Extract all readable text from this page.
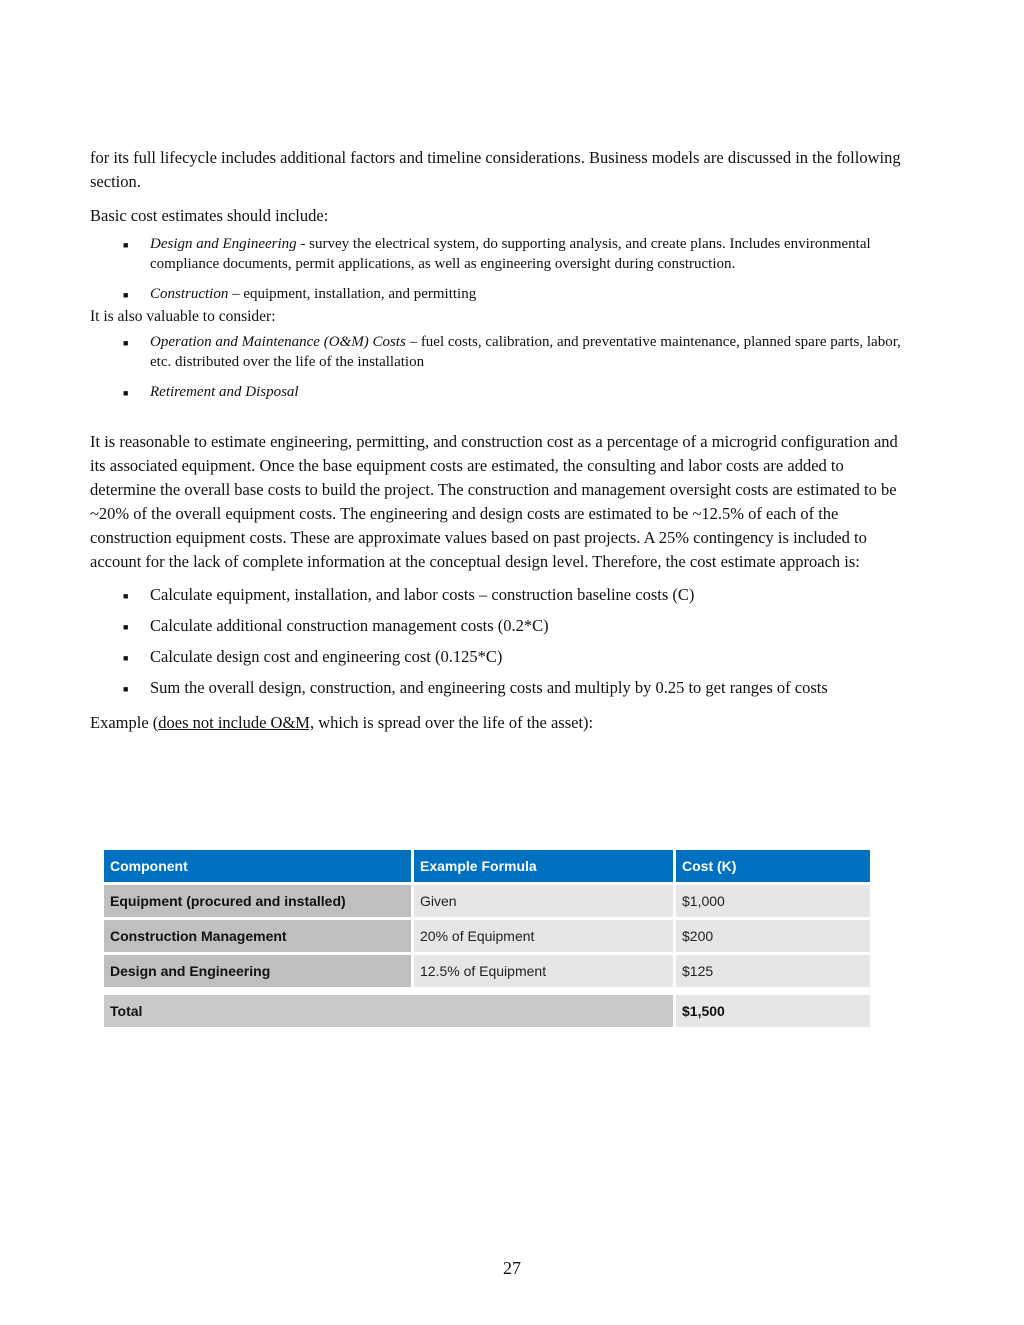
for its full lifecycle includes additional factors and timeline considerations. Business models are discussed in the following section.

Basic cost estimates should include:

■ Design and Engineering - survey the electrical system, do supporting analysis, and create plans. Includes environmental compliance documents, permit applications, as well as engineering oversight during construction.
■ Construction – equipment, installation, and permitting

It is also valuable to consider:

■ Operation and Maintenance (O&M) Costs – fuel costs, calibration, and preventative maintenance, planned spare parts, labor, etc. distributed over the life of the installation
■ Retirement and Disposal

It is reasonable to estimate engineering, permitting, and construction cost as a percentage of a microgrid configuration and its associated equipment. Once the base equipment costs are estimated, the consulting and labor costs are added to determine the overall base costs to build the project. The construction and management oversight costs are estimated to be ~20% of the overall equipment costs. The engineering and design costs are estimated to be ~12.5% of each of the construction equipment costs. These are approximate values based on past projects. A 25% contingency is included to account for the lack of complete information at the conceptual design level. Therefore, the cost estimate approach is:

■ Calculate equipment, installation, and labor costs – construction baseline costs (C)
■ Calculate additional construction management costs (0.2*C)
■ Calculate design cost and engineering cost (0.125*C)
■ Sum the overall design, construction, and engineering costs and multiply by 0.25 to get ranges of costs

Example (does not include O&M, which is spread over the life of the asset):

Component	Example Formula	Cost (K)
Equipment (procured and installed)	Given	$1,000
Construction Management	20% of Equipment	$200
Design and Engineering	12.5% of Equipment	$125

Total		$1,500
27
